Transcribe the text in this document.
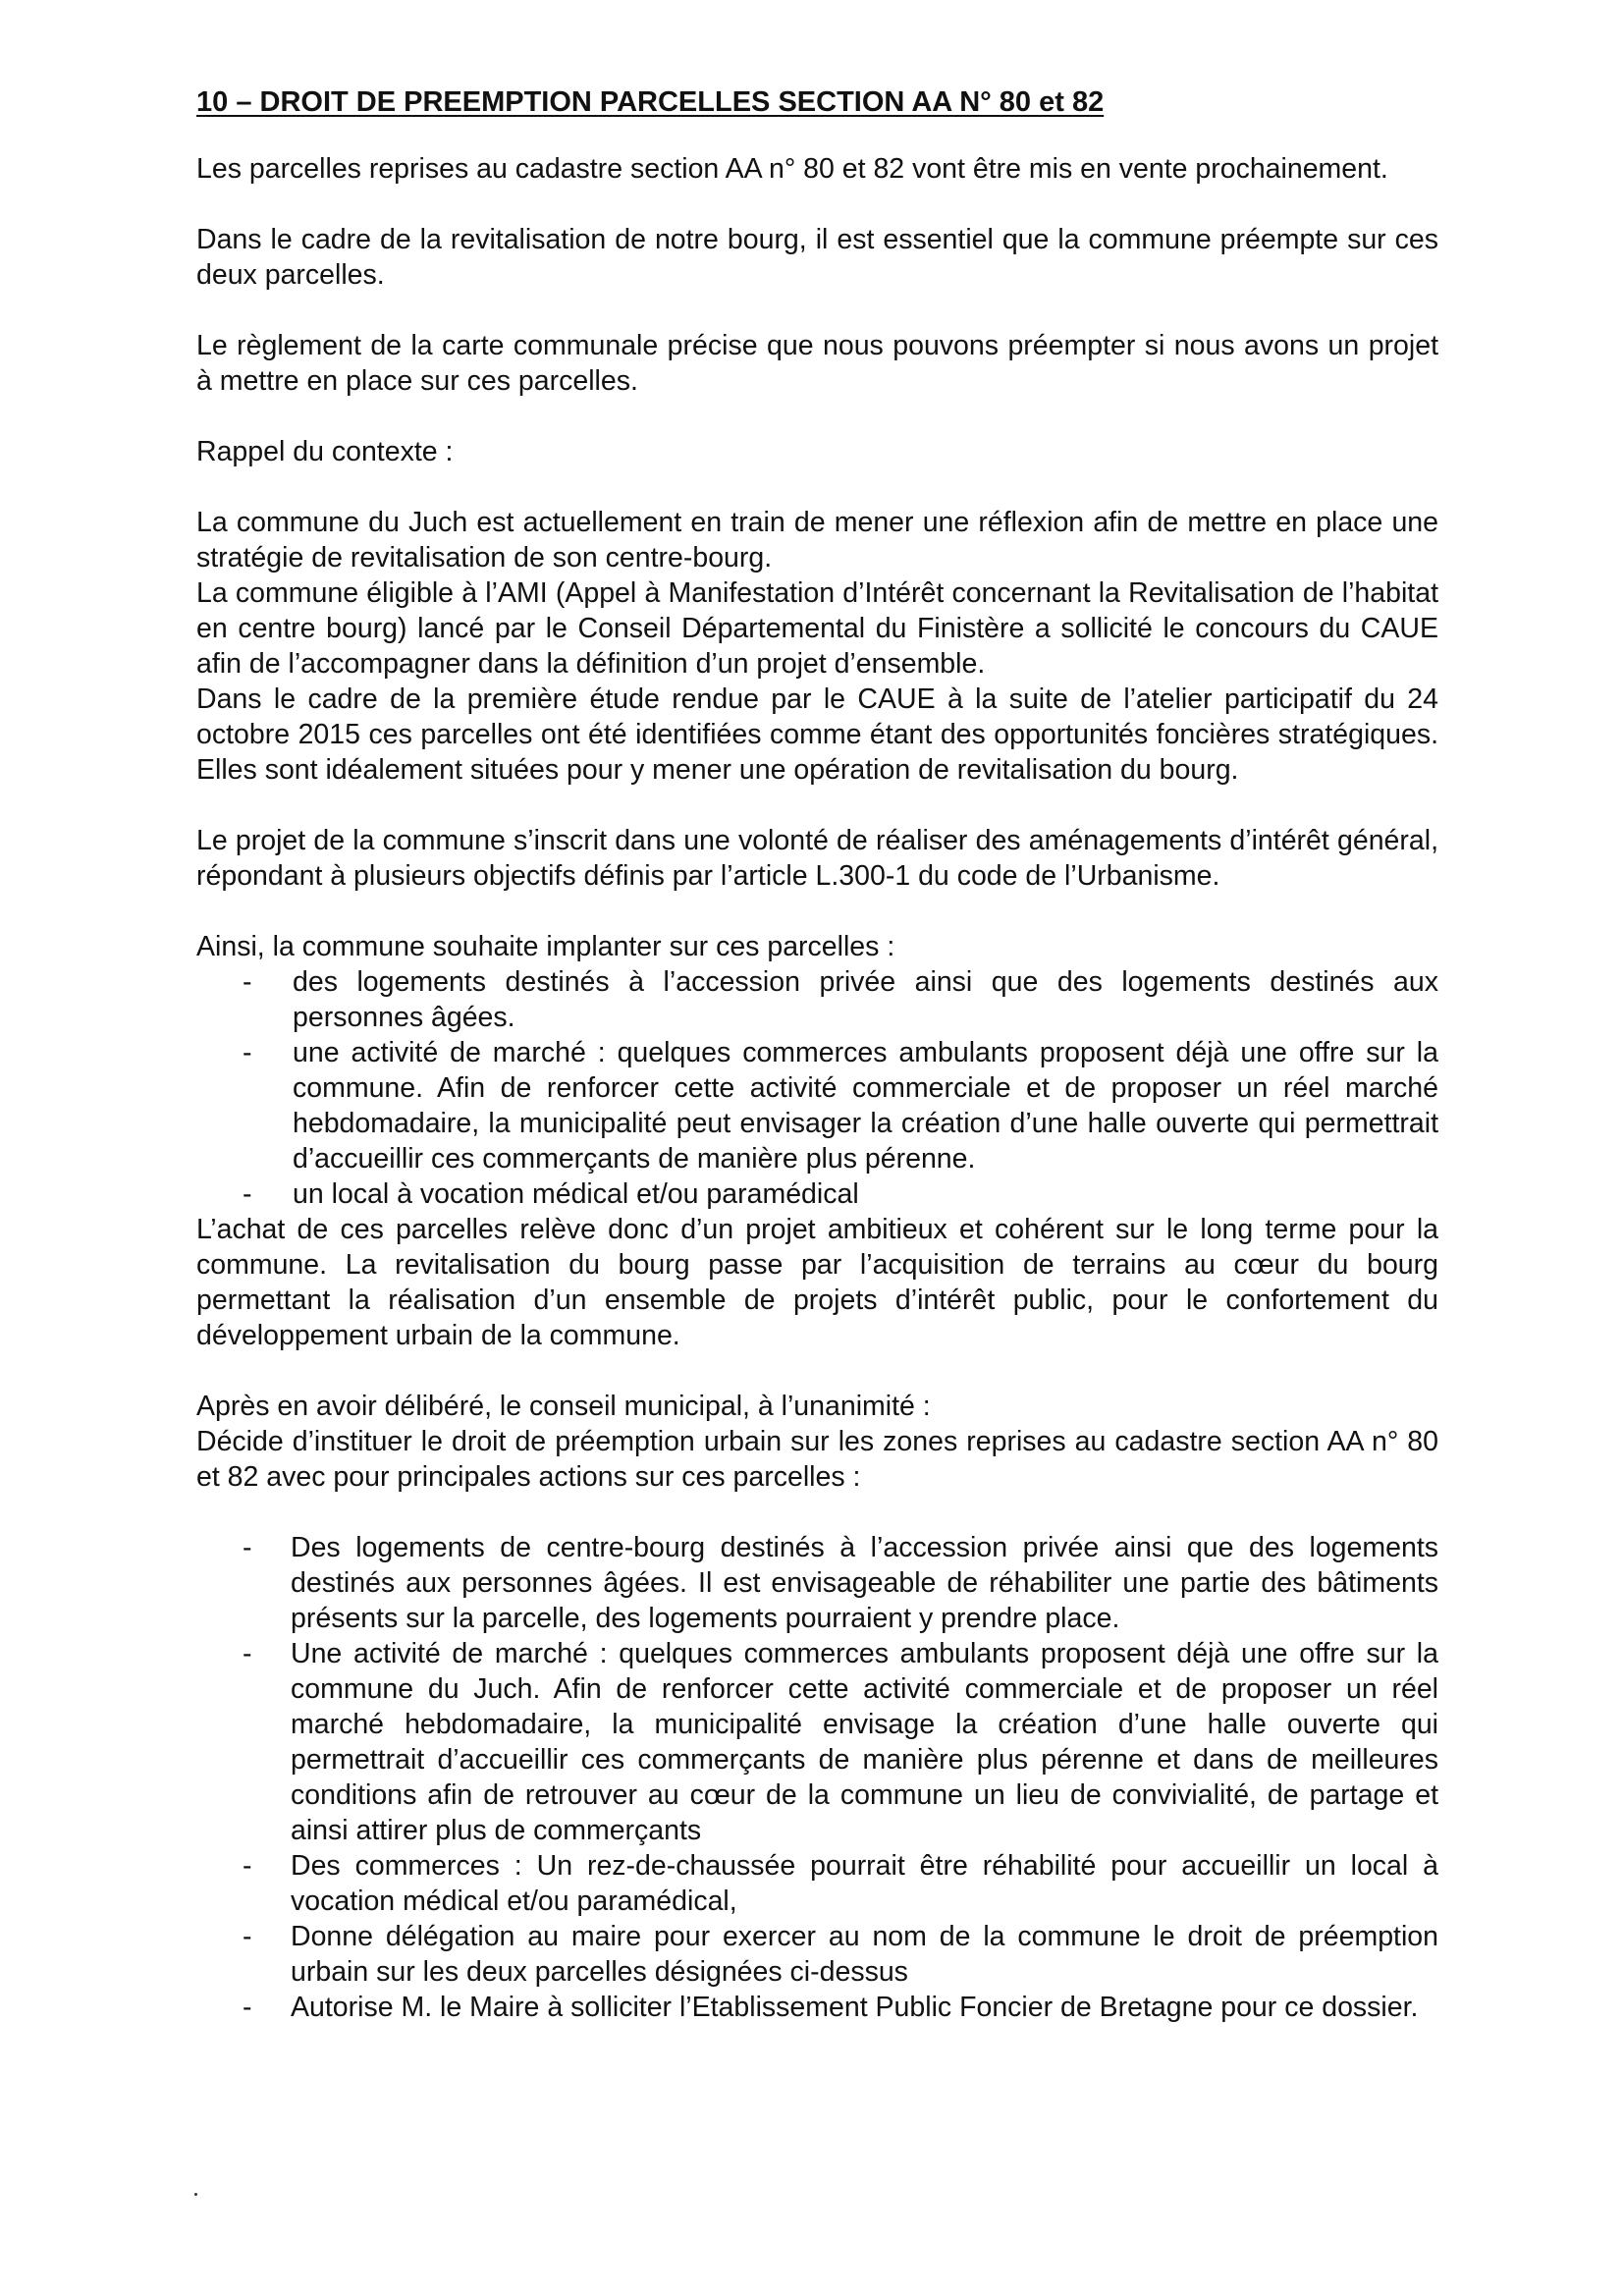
10 – DROIT DE PREEMPTION PARCELLES SECTION AA N° 80 et 82

Les parcelles reprises au cadastre section AA n° 80 et 82 vont être mis en vente prochainement.

Dans le cadre de la revitalisation de notre bourg, il est essentiel que la commune préempte sur ces deux parcelles.

Le règlement de la carte communale précise que nous pouvons préempter si nous avons un projet à mettre en place sur ces parcelles.

Rappel du contexte :

La commune du Juch est actuellement en train de mener une réflexion afin de mettre en place une stratégie de revitalisation de son centre-bourg.

La commune éligible à l’AMI (Appel à Manifestation d’Intérêt concernant la Revitalisation de l’habitat en centre bourg) lancé par le Conseil Départemental du Finistère a sollicité le concours du CAUE afin de l’accompagner dans la définition d’un projet d’ensemble.

Dans le cadre de la première étude rendue par le CAUE à la suite de l’atelier participatif du 24 octobre 2015 ces parcelles ont été identifiées comme étant des opportunités foncières stratégiques. Elles sont idéalement situées pour y mener une opération de revitalisation du bourg.

Le projet de la commune s’inscrit dans une volonté de réaliser des aménagements d’intérêt général, répondant à plusieurs objectifs définis par l’article L.300-1 du code de l’Urbanisme.

Ainsi, la commune souhaite implanter sur ces parcelles :

- des logements destinés à l’accession privée ainsi que des logements destinés aux personnes âgées.
- une activité de marché : quelques commerces ambulants proposent déjà une offre sur la commune. Afin de renforcer cette activité commerciale et de proposer un réel marché hebdomadaire, la municipalité peut envisager la création d’une halle ouverte qui permettrait d’accueillir ces commerçants de manière plus pérenne.
- un local à vocation médical et/ou paramédical

L’achat de ces parcelles relève donc d’un projet ambitieux et cohérent sur le long terme pour la commune. La revitalisation du bourg passe par l’acquisition de terrains au cœur du bourg permettant la réalisation d’un ensemble de projets d’intérêt public, pour le confortement du développement urbain de la commune.

Après en avoir délibéré, le conseil municipal, à l’unanimité :

Décide d’instituer le droit de préemption urbain sur les zones reprises au cadastre section AA n° 80 et 82 avec pour principales actions sur ces parcelles :

- Des logements de centre-bourg destinés à l’accession privée ainsi que des logements destinés aux personnes âgées. Il est envisageable de réhabiliter une partie des bâtiments présents sur la parcelle, des logements pourraient y prendre place.
- Une activité de marché : quelques commerces ambulants proposent déjà une offre sur la commune du Juch. Afin de renforcer cette activité commerciale et de proposer un réel marché hebdomadaire, la municipalité envisage la création d’une halle ouverte qui permettrait d’accueillir ces commerçants de manière plus pérenne et dans de meilleures conditions afin de retrouver au cœur de la commune un lieu de convivialité, de partage et ainsi attirer plus de commerçants
- Des commerces : Un rez-de-chaussée pourrait être réhabilité pour accueillir un local à vocation médical et/ou paramédical,
- Donne délégation au maire pour exercer au nom de la commune le droit de préemption urbain sur les deux parcelles désignées ci-dessus
- Autorise M. le Maire à solliciter l’Etablissement Public Foncier de Bretagne pour ce dossier.
